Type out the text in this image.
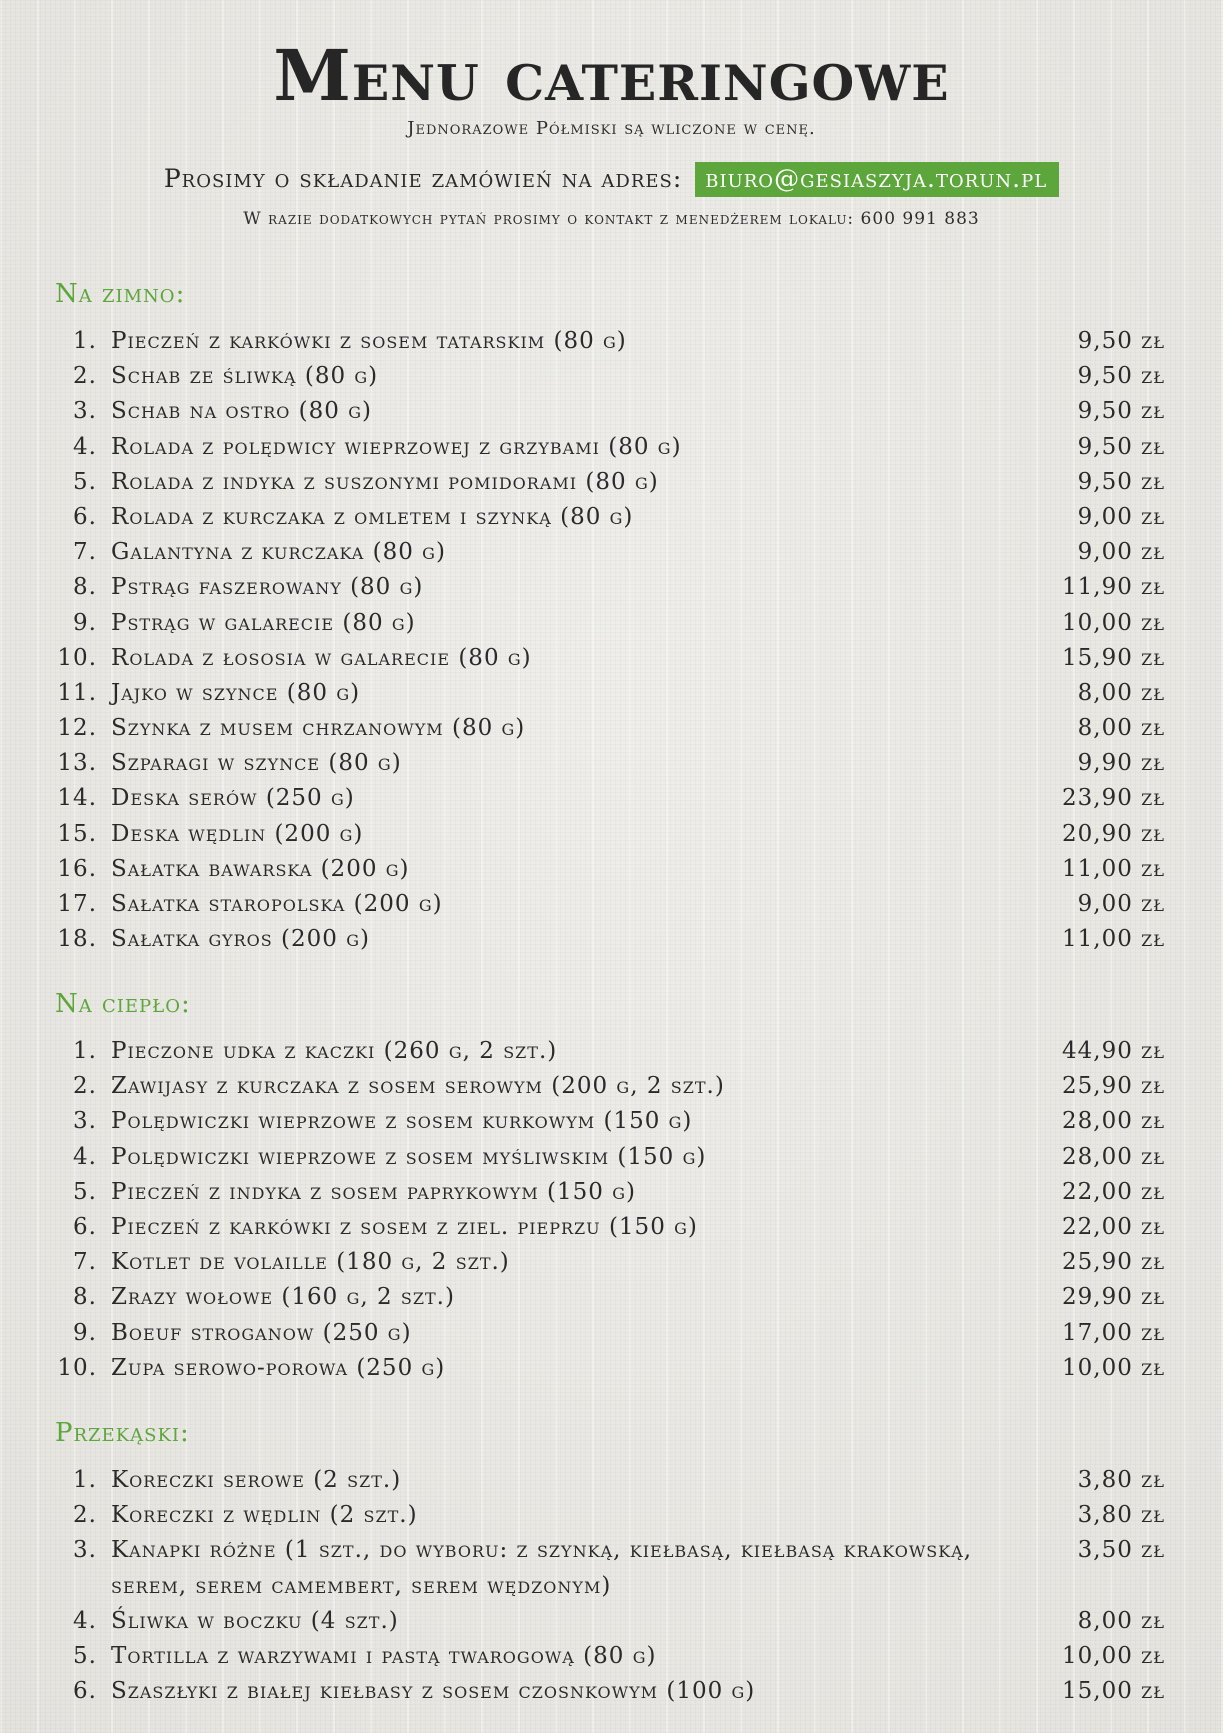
Menu cateringowe
Jednorazowe Półmiski są wliczone w cenę.
Prosimy o składanie zamówień na adres: biuro@gesiaszyja.torun.pl
W razie dodatkowych pytań prosimy o kontakt z menedżerem lokalu: 600 991 883
Na zimno:
1. Pieczeń z karkówki z sosem tatarskim (80 g)	9,50 zł
2. Schab ze śliwką (80 g)	9,50 zł
3. Schab na ostro (80 g)	9,50 zł
4. Rolada z polędwicy wieprzowej z grzybami (80 g)	9,50 zł
5. Rolada z indyka z suszonymi pomidorami (80 g)	9,50 zł
6. Rolada z kurczaka z omletem i szynką (80 g)	9,00 zł
7. Galantyna z kurczaka (80 g)	9,00 zł
8. Pstrąg faszerowany (80 g)	11,90 zł
9. Pstrąg w galarecie (80 g)	10,00 zł
10. Rolada z łososia w galarecie (80 g)	15,90 zł
11. Jajko w szynce (80 g)	8,00 zł
12. Szynka z musem chrzanowym (80 g)	8,00 zł
13. Szparagi w szynce (80 g)	9,90 zł
14. Deska serów (250 g)	23,90 zł
15. Deska wędlin (200 g)	20,90 zł
16. Sałatka bawarska (200 g)	11,00 zł
17. Sałatka staropolska (200 g)	9,00 zł
18. Sałatka gyros (200 g)	11,00 zł
Na ciepło:
1. Pieczone udka z kaczki (260 g, 2 szt.)	44,90 zł
2. Zawijasy z kurczaka z sosem serowym (200 g, 2 szt.)	25,90 zł
3. Polędwiczki wieprzowe z sosem kurkowym (150 g)	28,00 zł
4. Polędwiczki wieprzowe z sosem myśliwskim (150 g)	28,00 zł
5. Pieczeń z indyka z sosem paprykowym (150 g)	22,00 zł
6. Pieczeń z karkówki z sosem z ziel. pieprzu (150 g)	22,00 zł
7. Kotlet de volaille (180 g, 2 szt.)	25,90 zł
8. Zrazy wołowe (160 g, 2 szt.)	29,90 zł
9. Boeuf stroganow (250 g)	17,00 zł
10. Zupa serowo-porowa (250 g)	10,00 zł
Przekąski:
1. Koreczki serowe (2 szt.)	3,80 zł
2. Koreczki z wędlin (2 szt.)	3,80 zł
3. Kanapki różne (1 szt., do wyboru: z szynką, kiełbasą, kiełbasą krakowską, serem, serem camembert, serem wędzonym)
3,50 zł
4. Śliwka w boczku (4 szt.)	8,00 zł
5. Tortilla z warzywami i pastą twarogową (80 g)	10,00 zł
6. Szaszłyki z białej kiełbasy z sosem czosnkowym (100 g)	15,00 zł
